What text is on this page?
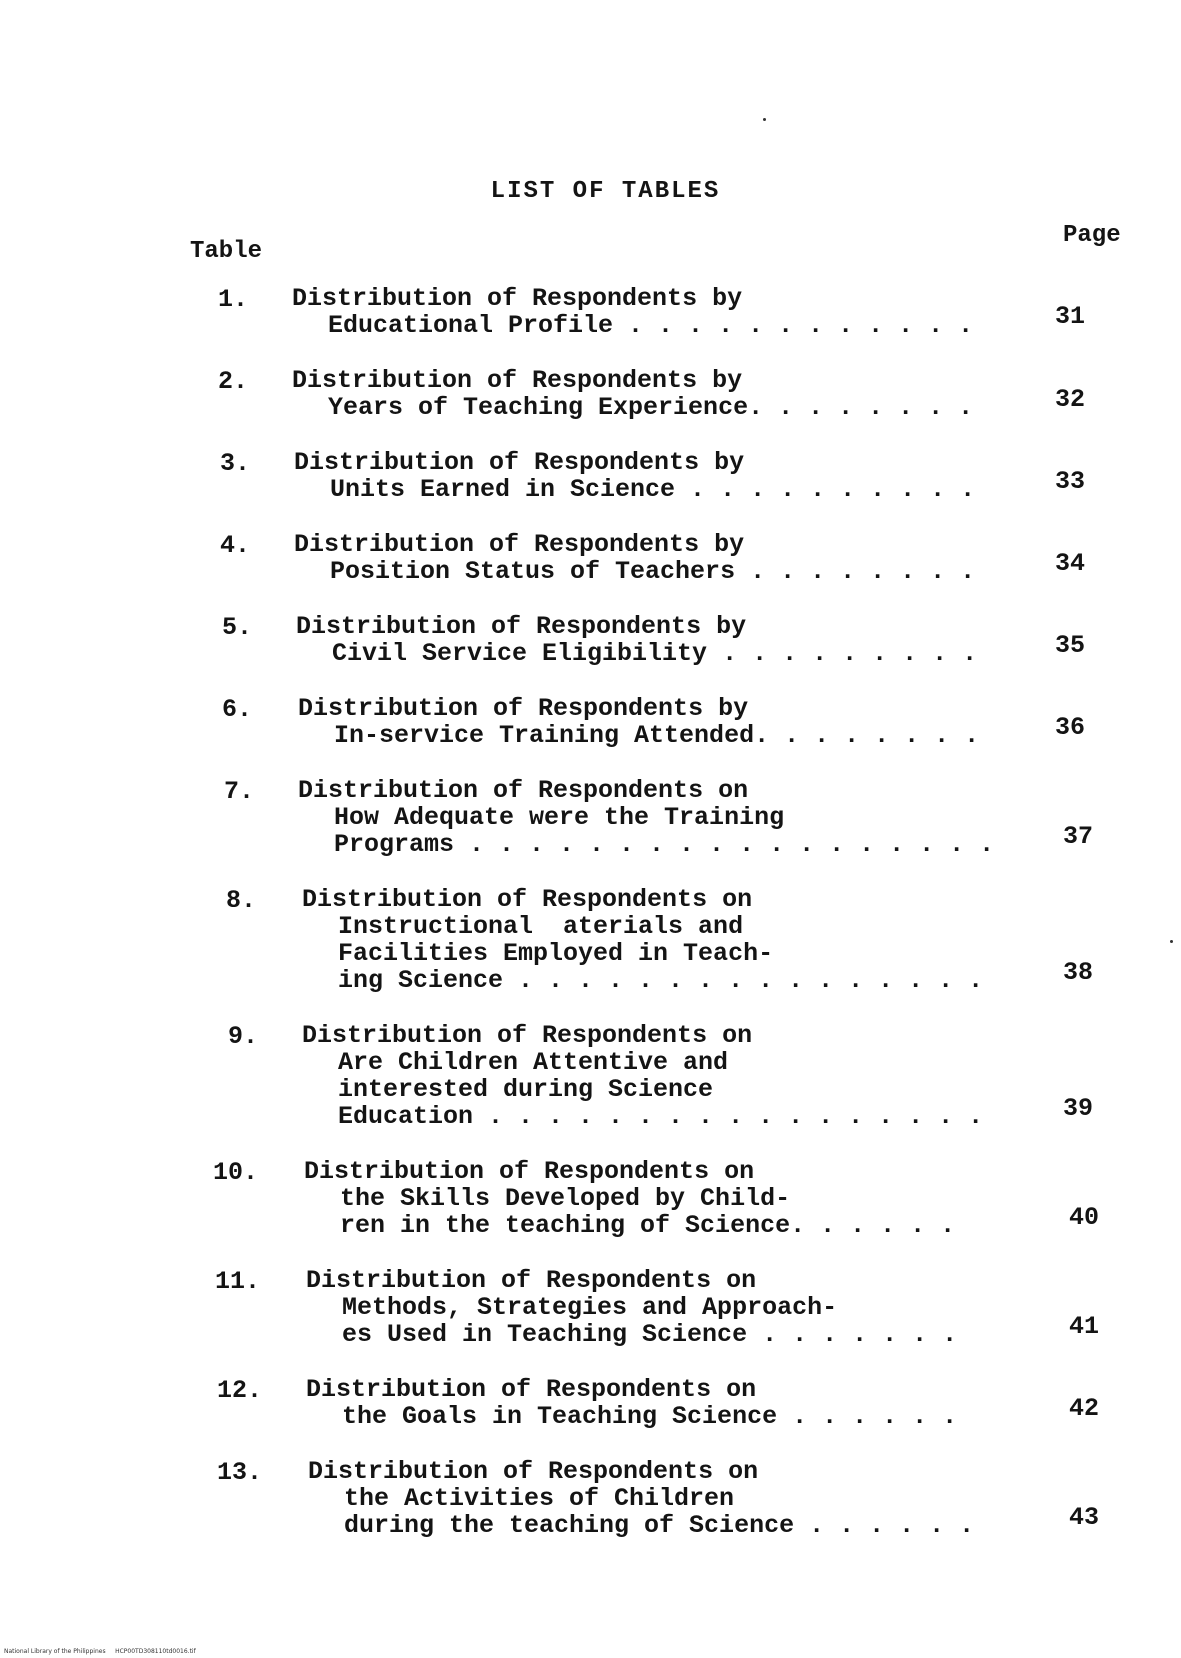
LIST OF TABLES
Table
Page
1. Distribution of Respondents by
Educational Profile . . . . . . . . . . . .	31
2. Distribution of Respondents by
Years of Teaching Experience. . . . . . . .	32
3. Distribution of Respondents by
Units Earned in Science . . . . . . . . . .	33
4. Distribution of Respondents by
Position Status of Teachers . . . . . . . .	34
5. Distribution of Respondents by
Civil Service Eligibility . . . . . . . . .	35
6. Distribution of Respondents by
In-service Training Attended. . . . . . . .	36
7. Distribution of Respondents on
How Adequate were the Training
Programs . . . . . . . . . . . . . . . . . .	37
8. Distribution of Respondents on
Instructional  aterials and
Facilities Employed in Teach-
ing Science . . . . . . . . . . . . . . . .	38
9. Distribution of Respondents on
Are Children Attentive and
interested during Science
Education . . . . . . . . . . . . . . . . .	39
10. Distribution of Respondents on
the Skills Developed by Child-
ren in the teaching of Science. . . . . .	40
11. Distribution of Respondents on
Methods, Strategies and Approach-
es Used in Teaching Science . . . . . . .	41
12. Distribution of Respondents on
the Goals in Teaching Science . . . . . .	42
13. Distribution of Respondents on
the Activities of Children
during the teaching of Science . . . . . .	43
National Library of the Philippines     HCP00TD308110td0016.tif
